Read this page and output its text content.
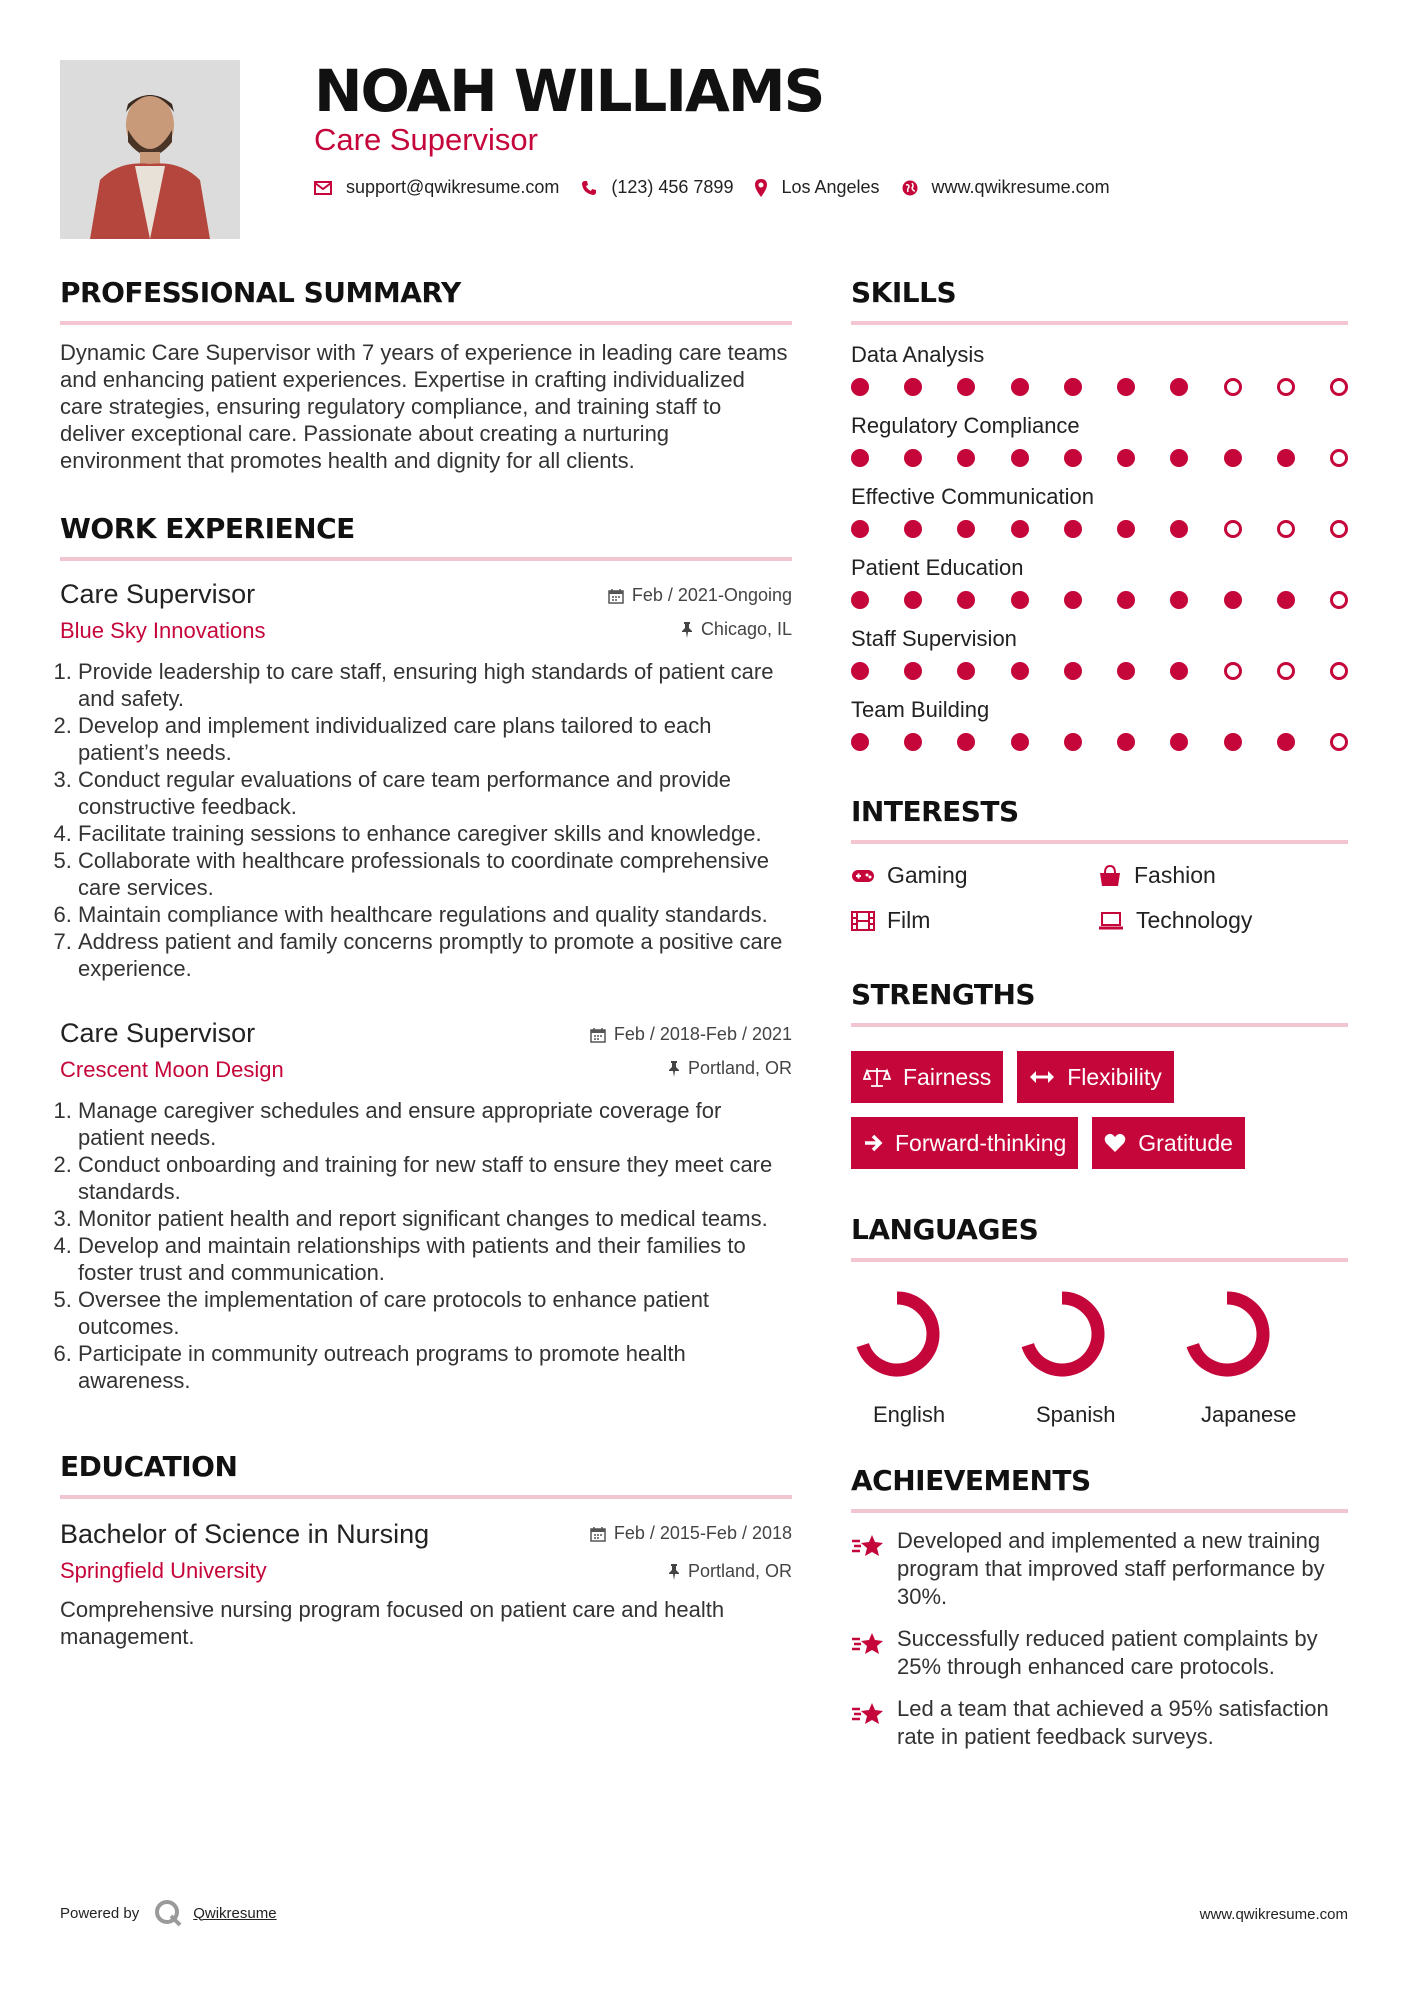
NOAH WILLIAMS
Care Supervisor
support@qwikresume.com	(123) 456 7899	Los Angeles	www.qwikresume.com
PROFESSIONAL SUMMARY
Dynamic Care Supervisor with 7 years of experience in leading care teams and enhancing patient experiences. Expertise in crafting individualized care strategies, ensuring regulatory compliance, and training staff to deliver exceptional care. Passionate about creating a nurturing environment that promotes health and dignity for all clients.
WORK EXPERIENCE
Feb / 2021-Ongoing
Chicago, IL
Care Supervisor
Blue Sky Innovations
1. Provide leadership to care staff, ensuring high standards of patient care and safety.
2. Develop and implement individualized care plans tailored to each patient’s needs.
3. Conduct regular evaluations of care team performance and provide constructive feedback.
4. Facilitate training sessions to enhance caregiver skills and knowledge.
5. Collaborate with healthcare professionals to coordinate comprehensive care services.
6. Maintain compliance with healthcare regulations and quality standards.
7. Address patient and family concerns promptly to promote a positive care experience.
Feb / 2018-Feb / 2021
Portland, OR
Care Supervisor
Crescent Moon Design
1. Manage caregiver schedules and ensure appropriate coverage for patient needs.
2. Conduct onboarding and training for new staff to ensure they meet care standards.
3. Monitor patient health and report significant changes to medical teams.
4. Develop and maintain relationships with patients and their families to foster trust and communication.
5. Oversee the implementation of care protocols to enhance patient outcomes.
6. Participate in community outreach programs to promote health awareness.
EDUCATION
Feb / 2015-Feb / 2018
Portland, OR
Bachelor of Science in Nursing
Springfield University
Comprehensive nursing program focused on patient care and health management.
SKILLS
Data Analysis
Regulatory Compliance
Effective Communication
Patient Education
Staff Supervision
Team Building
INTERESTS
Gaming	Fashion
Film	Technology
STRENGTHS
Fairness	Flexibility
Forward-thinking	Gratitude
LANGUAGES
English	Spanish	Japanese
ACHIEVEMENTS
Developed and implemented a new training program that improved staff performance by 30%.
Successfully reduced patient complaints by 25% through enhanced care protocols.
Led a team that achieved a 95% satisfaction rate in patient feedback surveys.
Powered by	Qwikresume	www.qwikresume.com
